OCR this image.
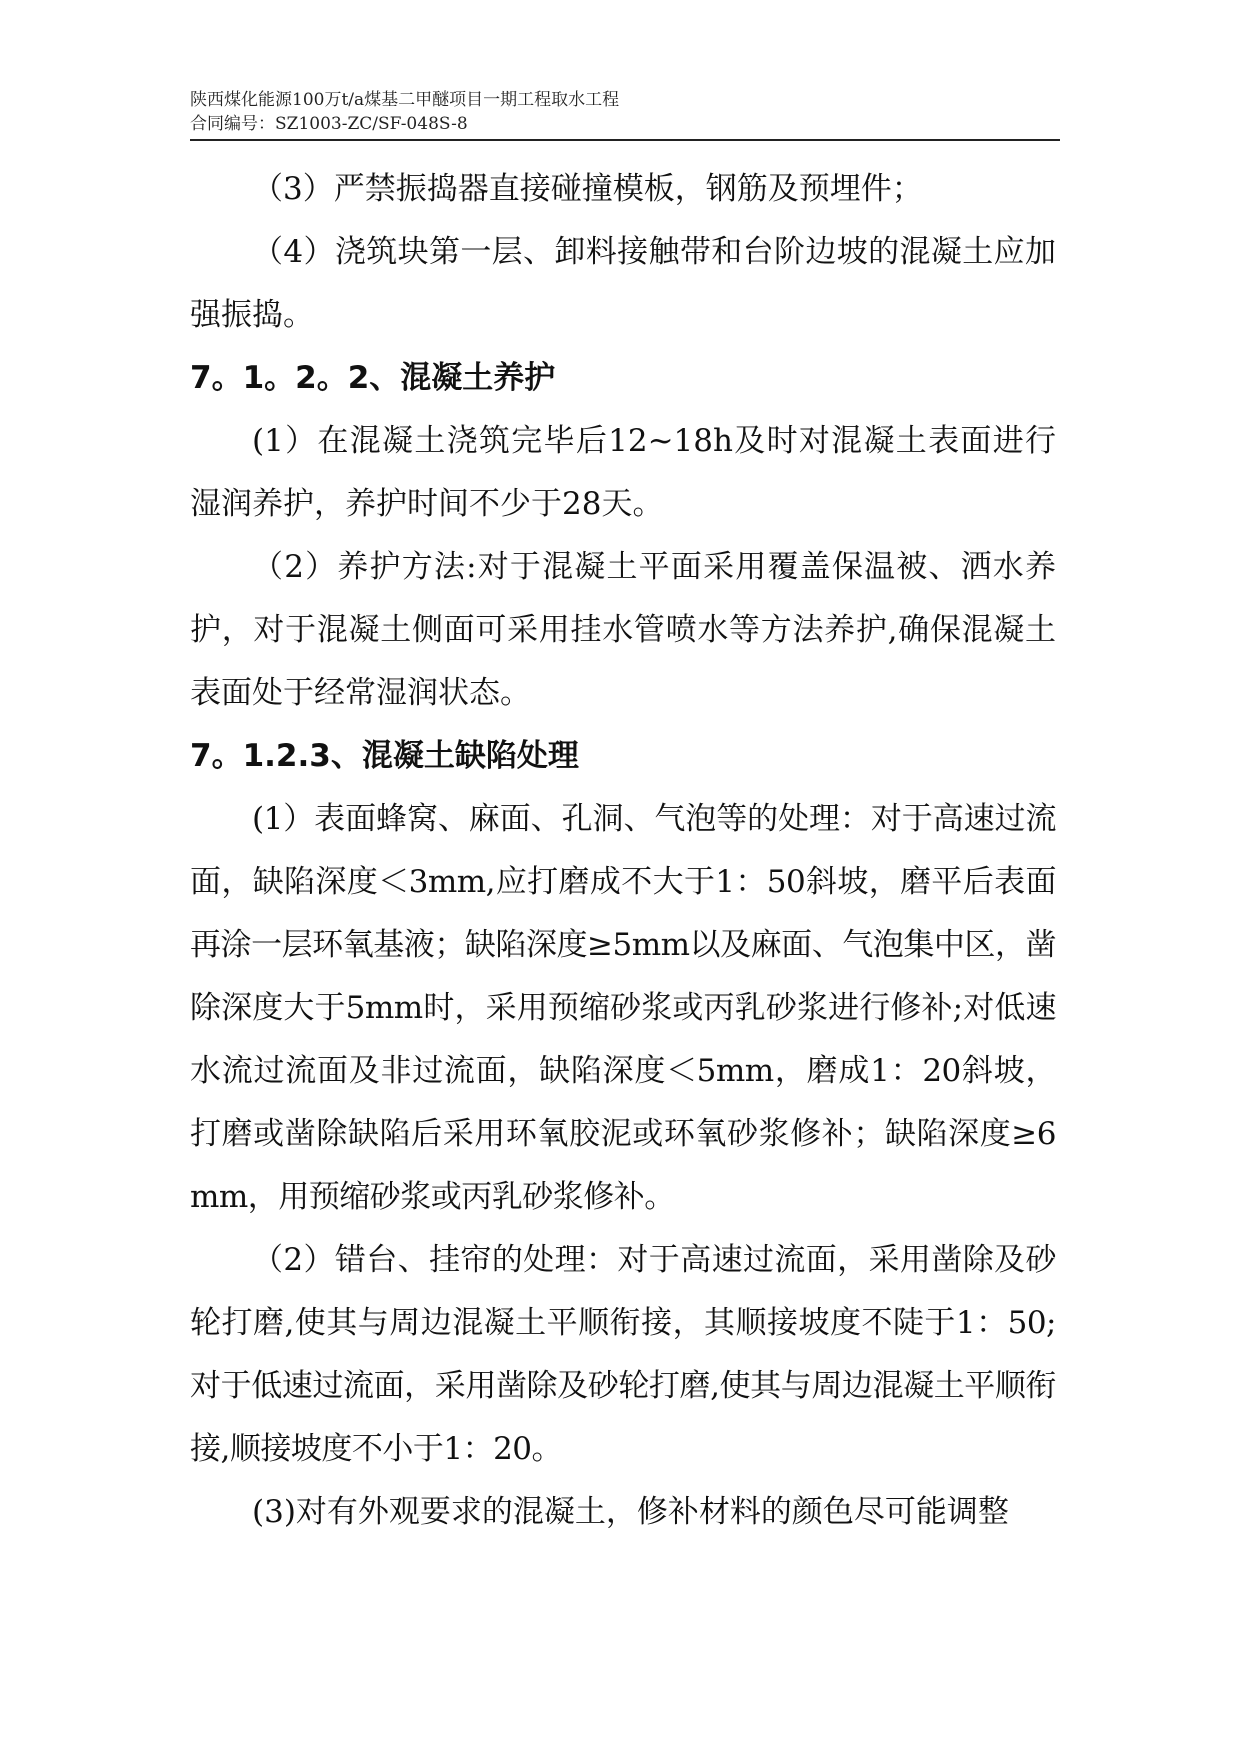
陕西煤化能源100万t/a煤基二甲醚项目一期工程取水工程
合同编号：SZ1003-ZC/SF-048S-8

（3）严禁振捣器直接碰撞模板，钢筋及预埋件；

（4）浇筑块第一层、卸料接触带和台阶边坡的混凝土应加强振捣。

7。1。2。2、混凝土养护

(1）在混凝土浇筑完毕后12~18h及时对混凝土表面进行湿润养护，养护时间不少于28天。

（2）养护方法:对于混凝土平面采用覆盖保温被、洒水养护，对于混凝土侧面可采用挂水管喷水等方法养护,确保混凝土表面处于经常湿润状态。

7。1.2.3、混凝土缺陷处理

(1）表面蜂窝、麻面、孔洞、气泡等的处理：对于高速过流面，缺陷深度＜3mm,应打磨成不大于1：50斜坡，磨平后表面再涂一层环氧基液；缺陷深度≥5mm以及麻面、气泡集中区，凿除深度大于5mm时，采用预缩砂浆或丙乳砂浆进行修补;对低速水流过流面及非过流面，缺陷深度＜5mm，磨成1：20斜坡，打磨或凿除缺陷后采用环氧胶泥或环氧砂浆修补；缺陷深度≥6mm，用预缩砂浆或丙乳砂浆修补。

（2）错台、挂帘的处理：对于高速过流面，采用凿除及砂轮打磨,使其与周边混凝土平顺衔接，其顺接坡度不陡于1：50;对于低速过流面，采用凿除及砂轮打磨,使其与周边混凝土平顺衔接,顺接坡度不小于1：20。

(3)对有外观要求的混凝土，修补材料的颜色尽可能调整
